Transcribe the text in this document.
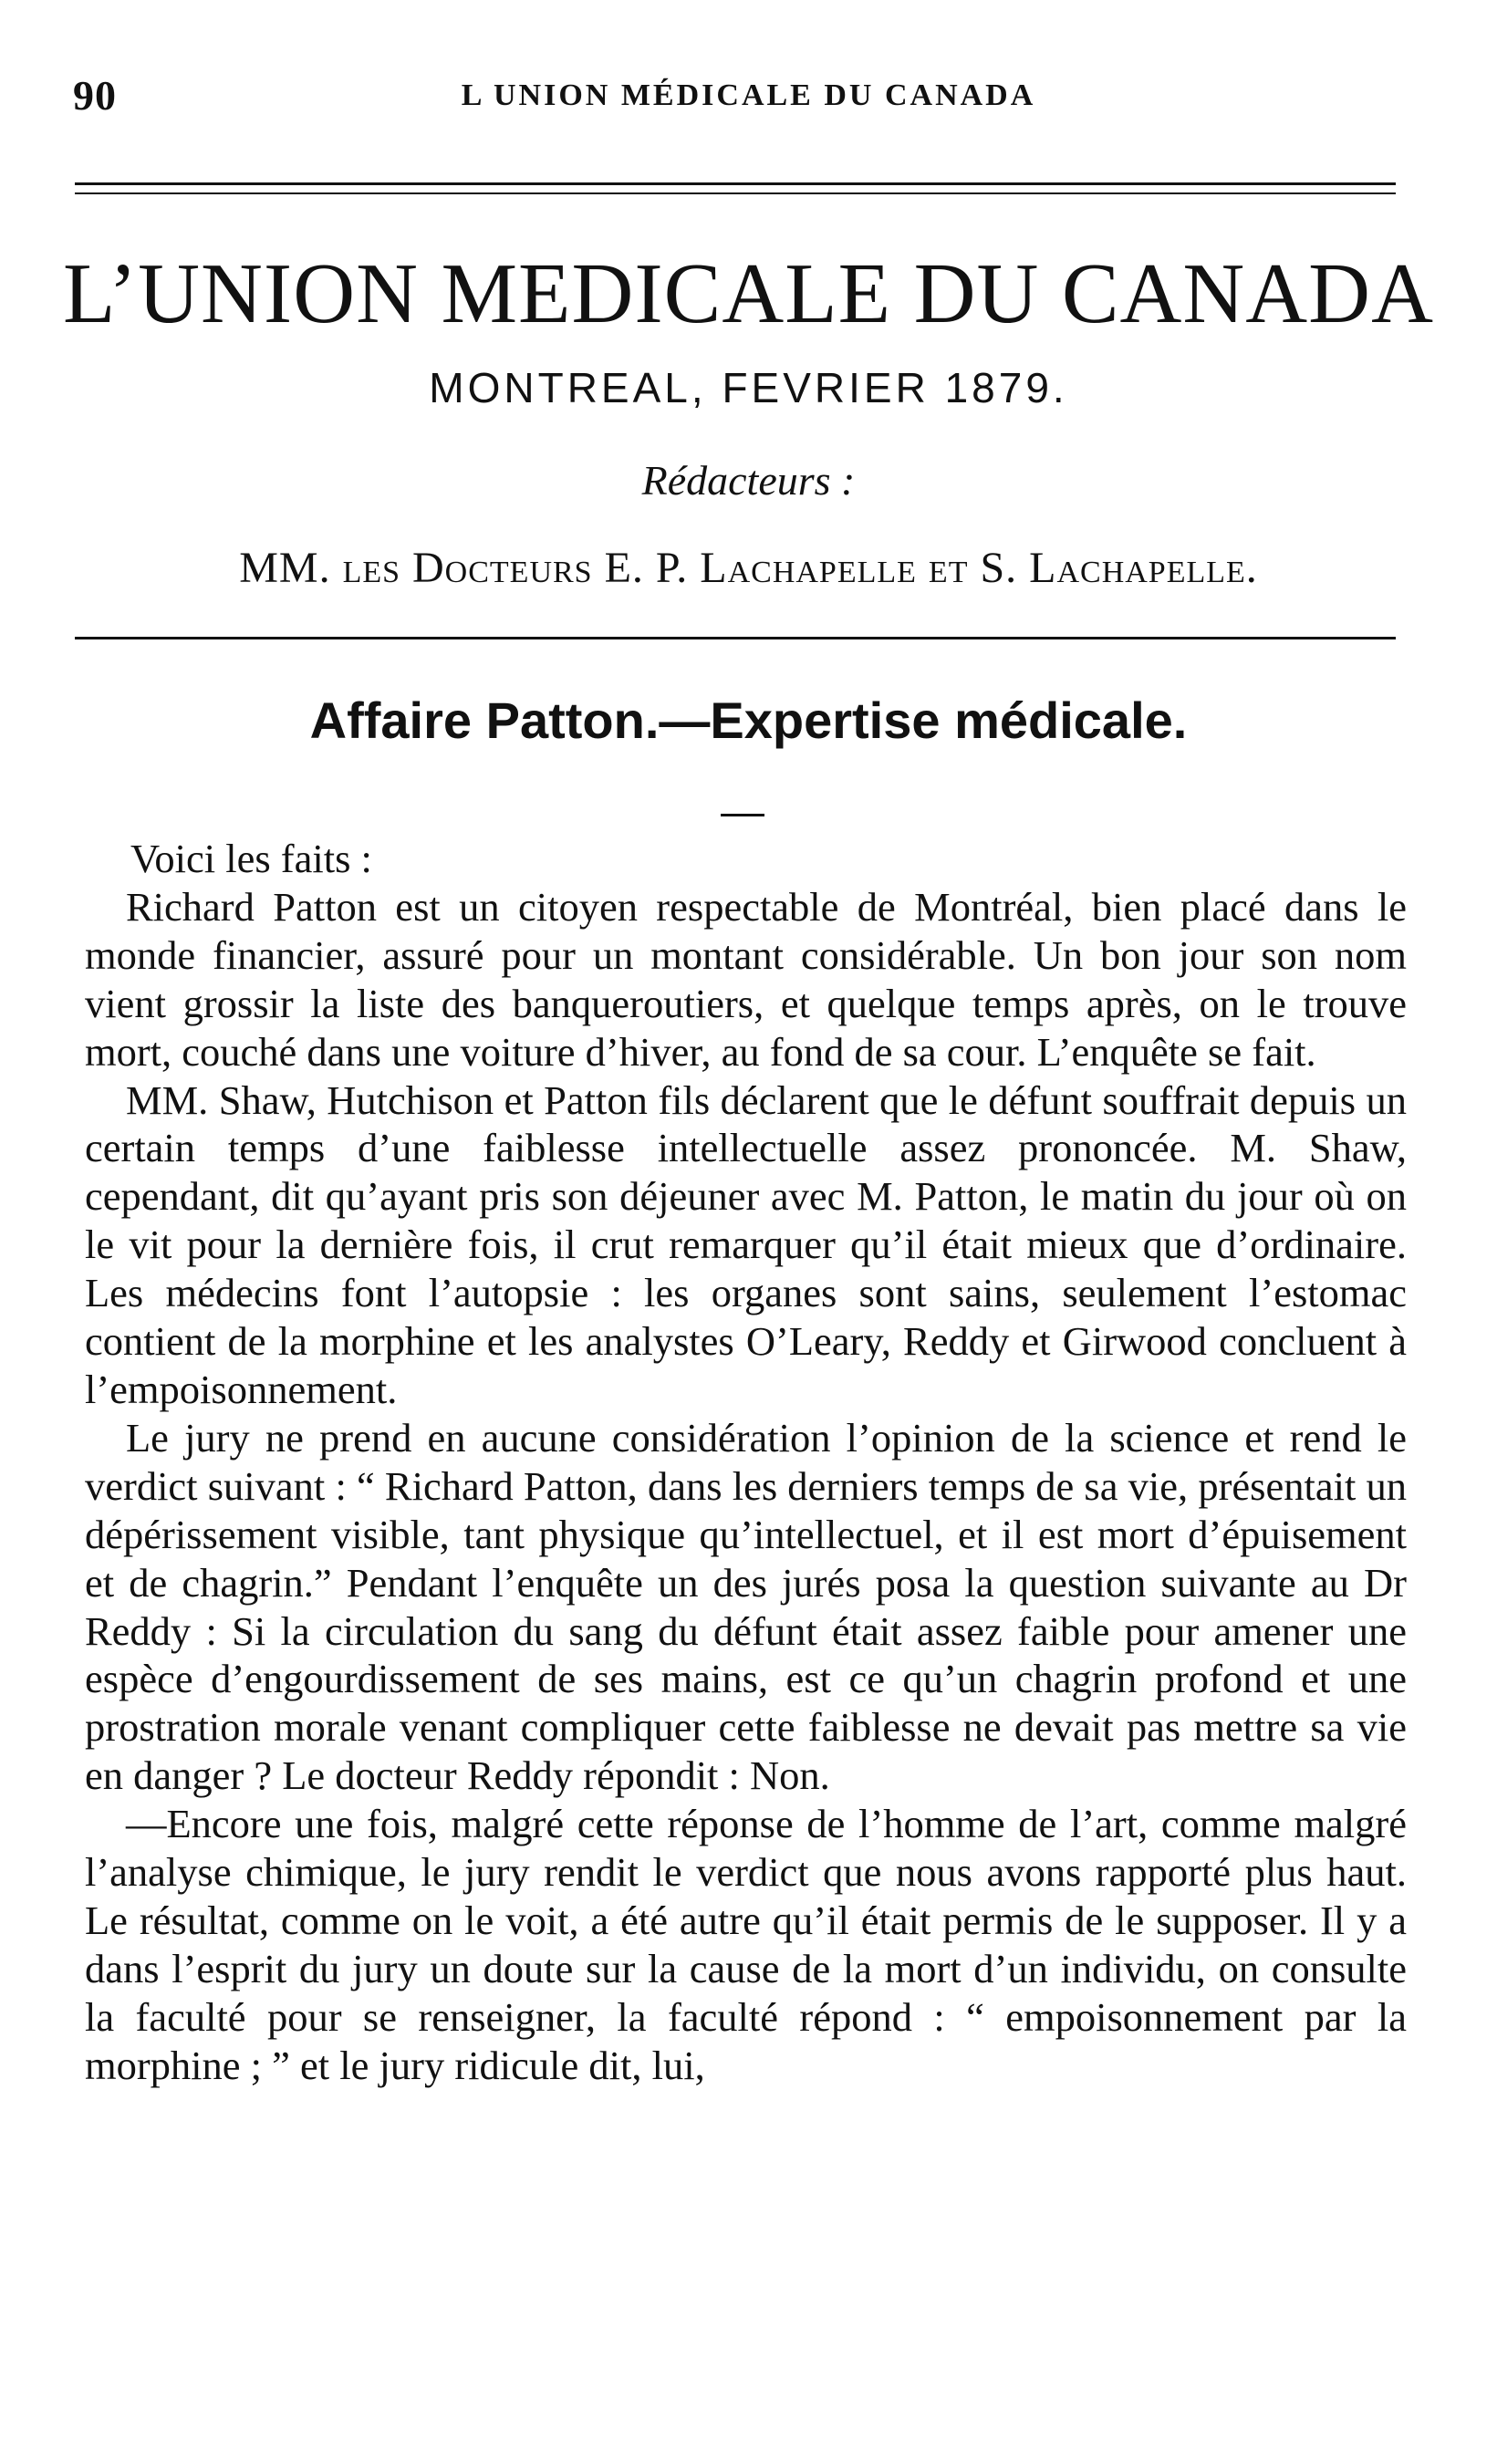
90	L UNION MÉDICALE DU CANADA
L’UNION MEDICALE DU CANADA
MONTREAL, FEVRIER 1879.
Rédacteurs :
MM. les Docteurs E. P. Lachapelle et S. Lachapelle.
Affaire Patton.—Expertise médicale.

Voici les faits :

Richard Patton est un citoyen respectable de Montréal, bien placé dans le monde financier, assuré pour un montant considérable. Un bon jour son nom vient grossir la liste des banqueroutiers, et quelque temps après, on le trouve mort, couché dans une voiture d’hiver, au fond de sa cour. L’enquête se fait.

MM. Shaw, Hutchison et Patton fils déclarent que le défunt souffrait depuis un certain temps d’une faiblesse intellectuelle assez prononcée. M. Shaw, cependant, dit qu’ayant pris son déjeuner avec M. Patton, le matin du jour où on le vit pour la dernière fois, il crut remarquer qu’il était mieux que d’ordinaire. Les médecins font l’autopsie : les organes sont sains, seulement l’estomac contient de la morphine et les analystes O’Leary, Reddy et Girwood concluent à l’empoisonnement.

Le jury ne prend en aucune considération l’opinion de la science et rend le verdict suivant : “ Richard Patton, dans les derniers temps de sa vie, présentait un dépérissement visible, tant physique qu’intellectuel, et il est mort d’épuisement et de chagrin.” Pendant l’enquête un des jurés posa la question suivante au Dr Reddy : Si la circulation du sang du défunt était assez faible pour amener une espèce d’engourdissement de ses mains, est ce qu’un chagrin profond et une prostration morale venant compliquer cette faiblesse ne devait pas mettre sa vie en danger ? Le docteur Reddy répondit : Non.

—Encore une fois, malgré cette réponse de l’homme de l’art, comme malgré l’analyse chimique, le jury rendit le verdict que nous avons rapporté plus haut. Le résultat, comme on le voit, a été autre qu’il était permis de le supposer. Il y a dans l’esprit du jury un doute sur la cause de la mort d’un individu, on consulte la faculté pour se renseigner, la faculté répond : “ empoisonnement par la morphine ; ” et le jury ridicule dit, lui,
